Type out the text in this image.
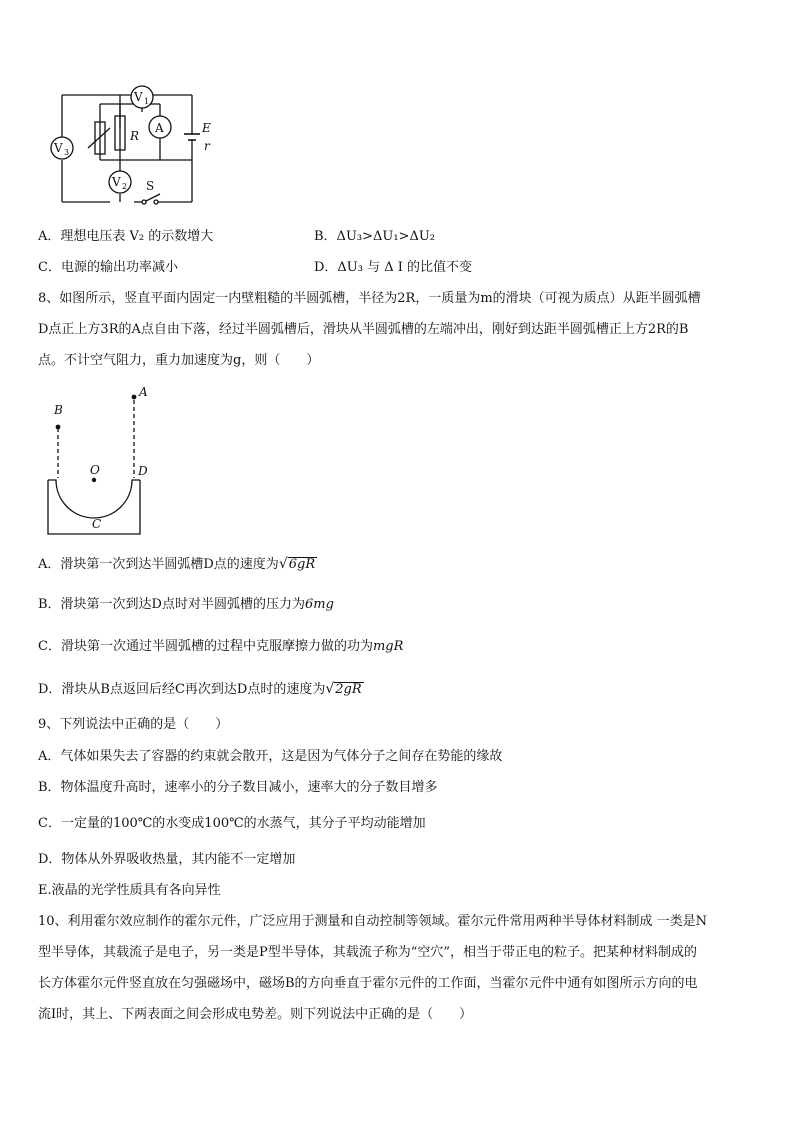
V 3
V 1
A
V 2
R
E
r
S
A．理想电压表 V₂ 的示数增大	B．ΔU₃>ΔU₁>ΔU₂
C．电源的输出功率减小	D．ΔU₃ 与 Δ I 的比值不变
8、如图所示，竖直平面内固定一内壁粗糙的半圆弧槽，半径为2R，一质量为m的滑块（可视为质点）从距半圆弧槽
D点正上方3R的A点自由下落，经过半圆弧槽后，滑块从半圆弧槽的左端冲出，刚好到达距半圆弧槽正上方2R的B
点。不计空气阻力，重力加速度为g，则（　　）
A
B
O	D
C
A．滑块第一次到达半圆弧槽D点的速度为√6gR
B．滑块第一次到达D点时对半圆弧槽的压力为6mg
C．滑块第一次通过半圆弧槽的过程中克服摩擦力做的功为mgR
D．滑块从B点返回后经C再次到达D点时的速度为√2gR
9、下列说法中正确的是（　　）
A．气体如果失去了容器的约束就会散开，这是因为气体分子之间存在势能的缘故
B．物体温度升高时，速率小的分子数目减小，速率大的分子数目增多
C．一定量的100℃的水变成100℃的水蒸气，其分子平均动能增加
D．物体从外界吸收热量，其内能不一定增加
E.液晶的光学性质具有各向异性
10、利用霍尔效应制作的霍尔元件，广泛应用于测量和自动控制等领域。霍尔元件常用两种半导体材料制成 一类是N
型半导体，其载流子是电子，另一类是P型半导体，其载流子称为“空穴”，相当于带正电的粒子。把某种材料制成的
长方体霍尔元件竖直放在匀强磁场中，磁场B的方向垂直于霍尔元件的工作面，当霍尔元件中通有如图所示方向的电
流I时，其上、下两表面之间会形成电势差。则下列说法中正确的是（　　）
